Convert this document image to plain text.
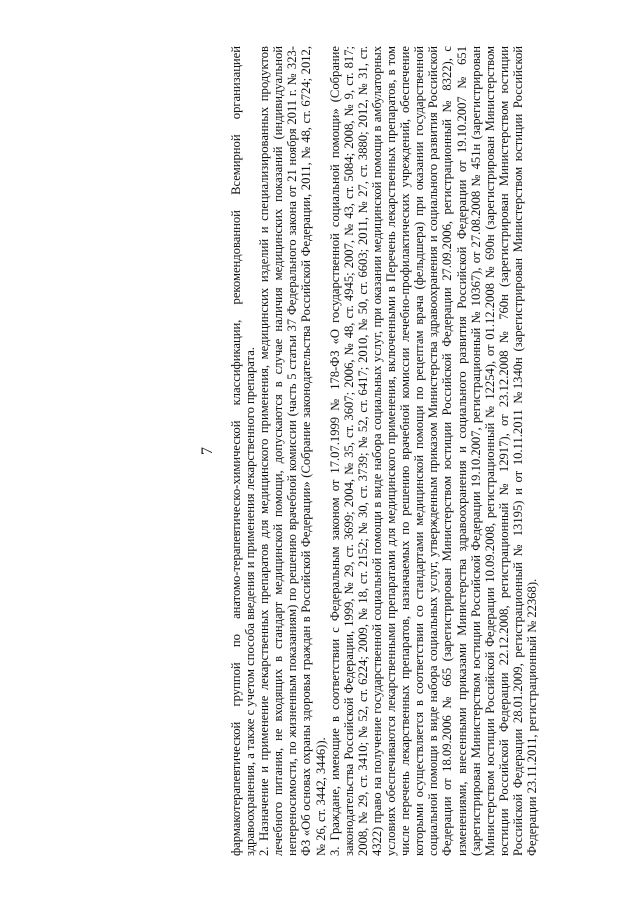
7 фармакотерапевтической группой по анатомо-терапевтическо-химической классификации, рекомендованной Всемирной организацией здравоохранения, а также с учетом способа введения и применения лекарственного препарата. 2. Назначение и применение лекарственных препаратов для медицинского применения, медицинских изделий и специализированных продуктов лечебного питания, не входящих в стандарт медицинской помощи, допускаются в случае наличия медицинских показаний (индивидуальной непереносимости, по жизненным показаниям) по решению врачебной комиссии (часть 5 статьи 37 Федерального закона от 21 ноября 2011 г. № 323-ФЗ «Об основах охраны здоровья граждан в Российской Федерации» (Собрание законодательства Российской Федерации, 2011, № 48, ст. 6724; 2012, № 26, ст. 3442, 3446)). 3. Граждане, имеющие в соответствии с Федеральным законом от 17.07.1999 № 178-ФЗ «О государственной социальной помощи» (Собрание законодательства Российской Федерации, 1999, № 29, ст. 3699; 2004, № 35, ст. 3607; 2006, № 48, ст. 4945; 2007, № 43, ст. 5084; 2008, № 9, ст. 817; 2008, № 29, ст. 3410; № 52, ст. 6224; 2009, № 18, ст. 2152; № 30, ст. 3739; № 52, ст. 6417; 2010, № 50, ст. 6603; 2011, № 27, ст. 3880; 2012, № 31, ст. 4322) право на получение государственной социальной помощи в виде набора социальных услуг, при оказании медицинской помощи в амбулаторных условиях обеспечиваются лекарственными препаратами для медицинского применения, включенными в Перечень лекарственных препаратов, в том числе перечень лекарственных препаратов, назначаемых по решению врачебной комиссии лечебно-профилактических учреждений, обеспечение которыми осуществляется в соответствии со стандартами медицинской помощи по рецептам врача (фельдшера) при оказании государственной социальной помощи в виде набора социальных услуг, утвержденным приказом Министерства здравоохранения и социального развития Российской Федерации от 18.09.2006 № 665 (зарегистрирован Министерством юстиции Российской Федерации 27.09.2006, регистрационный № 8322), с изменениями, внесенными приказами Министерства здравоохранения и социального развития Российской Федерации от 19.10.2007 № 651 (зарегистрирован Министерством юстиции Российской Федерации 19.10.2007, регистрационный № 10367), от 27.08.2008 № 451н (зарегистрирован Министерством юстиции Российской Федерации 10.09.2008, регистрационный № 12254), от 01.12.2008 № 690н (зарегистрирован Министерством юстиции Российской Федерации 22.12.2008, регистрационный № 12917), от 23.12.2008 № 760н (зарегистрирован Министерством юстиции Российской Федерации 28.01.2009, регистрационный № 13195) и от 10.11.2011 №1340н (зарегистрирован Министерством юстиции Российской Федерации 23.11.2011, регистрационный № 22368).
